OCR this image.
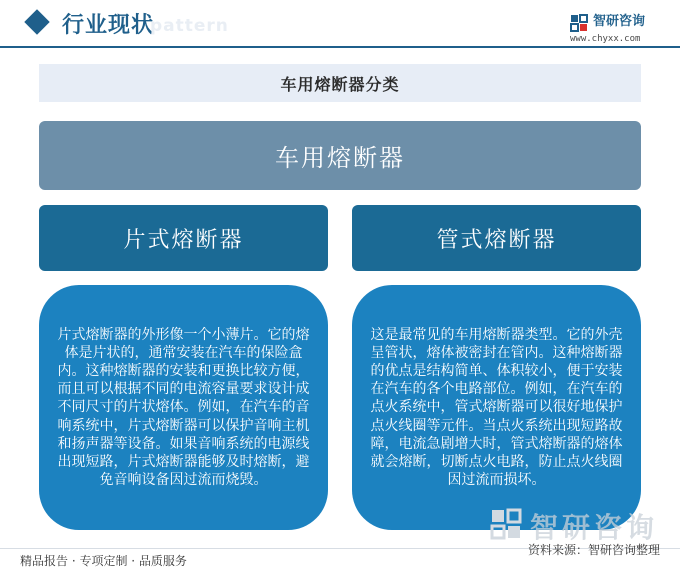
行业现状
pattern	智研咨询
www.chyxx.com
车用熔断器分类
车用熔断器
片式熔断器	管式熔断器

片式熔断器的外形像一个小薄片。它的熔体是片状的，通常安装在汽车的保险盒内。这种熔断器的安装和更换比较方便，而且可以根据不同的电流容量要求设计成不同尺寸的片状熔体。例如，在汽车的音响系统中，片式熔断器可以保护音响主机和扬声器等设备。如果音响系统的电源线出现短路，片式熔断器能够及时熔断，避免音响设备因过流而烧毁。

这是最常见的车用熔断器类型。它的外壳呈管状，熔体被密封在管内。这种熔断器的优点是结构简单、体积较小，便于安装在汽车的各个电路部位。例如，在汽车的点火系统中，管式熔断器可以很好地保护点火线圈等元件。当点火系统出现短路故障，电流急剧增大时，管式熔断器的熔体就会熔断，切断点火电路，防止点火线圈因过流而损坏。

智研咨询
精品报告 · 专项定制 · 品质服务
资料来源：智研咨询整理
